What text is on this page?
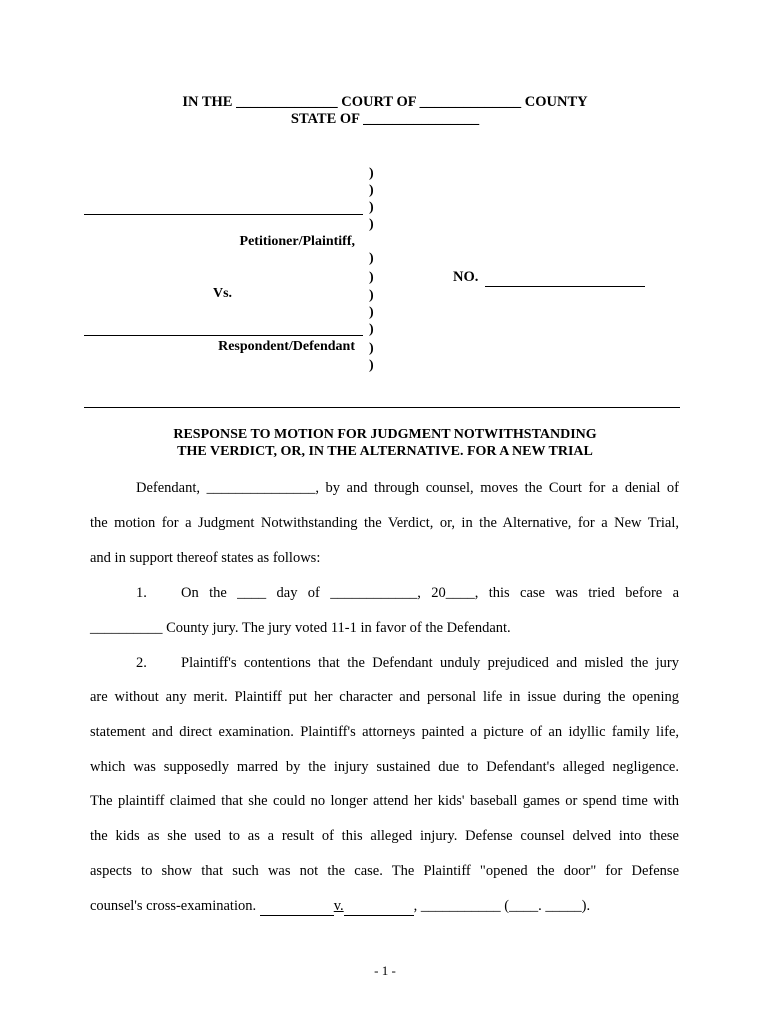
IN THE ______________ COURT OF ______________ COUNTY
STATE OF ________________
)
)
)
)
)
)
)
)
)
)
)
Petitioner/Plaintiff,
Vs.
Respondent/Defendant
NO.
RESPONSE TO MOTION FOR JUDGMENT NOTWITHSTANDING
THE VERDICT, OR, IN THE ALTERNATIVE. FOR A NEW TRIAL
Defendant, _______________, by and through counsel, moves the Court for a denial of
the motion for a Judgment Notwithstanding the Verdict, or, in the Alternative, for a New Trial,
and in support thereof states as follows:
1. On the ____ day of ____________, 20____, this case was tried before a
__________ County jury. The jury voted 11-1 in favor of the Defendant.
2. Plaintiff's contentions that the Defendant unduly prejudiced and misled the jury
are without any merit. Plaintiff put her character and personal life in issue during the opening
statement and direct examination. Plaintiff's attorneys painted a picture of an idyllic family life,
which was supposedly marred by the injury sustained due to Defendant's alleged negligence.
The plaintiff claimed that she could no longer attend her kids' baseball games or spend time with
the kids as she used to as a result of this alleged injury. Defense counsel delved into these
aspects to show that such was not the case. The Plaintiff "opened the door" for Defense
counsel's cross-examination.	v.	, ___________ (____. _____).
- 1 -
